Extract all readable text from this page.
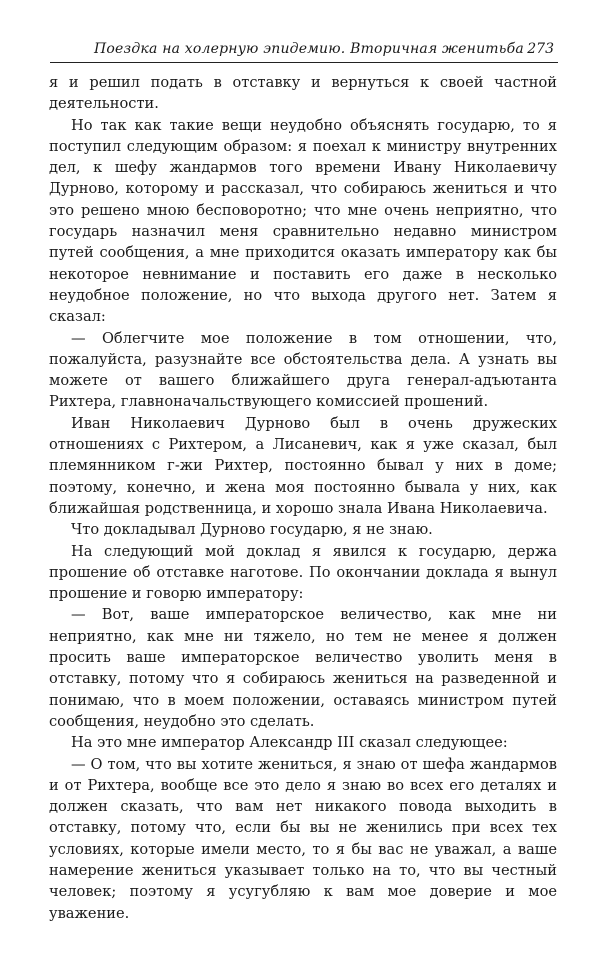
Поездка на холерную эпидемию. Вторичная женитьба 273

я и решил подать в отставку и вернуться к своей частной деятельности.

Но так как такие вещи неудобно объяснять государю, то я поступил следующим образом: я поехал к министру внутренних дел, к шефу жандармов того времени Ивану Николаевичу Дурново, которому и рассказал, что собираюсь жениться и что это решено мною бесповоротно; что мне очень неприятно, что государь назначил меня сравнительно недавно министром путей сообщения, а мне приходится оказать императору как бы некоторое невнимание и поставить его даже в несколько неудобное положение, но что выхода другого нет. Затем я сказал:

— Облегчите мое положение в том отношении, что, пожалуйста, разузнайте все обстоятельства дела. А узнать вы можете от вашего ближайшего друга генерал-адъютанта Рихтера, главноначальствующего комиссией прошений.

Иван Николаевич Дурново был в очень дружеских отношениях с Рихтером, а Лисаневич, как я уже сказал, был племянником г-жи Рихтер, постоянно бывал у них в доме; поэтому, конечно, и жена моя постоянно бывала у них, как ближайшая родственница, и хорошо знала Ивана Николаевича.

Что докладывал Дурново государю, я не знаю.

На следующий мой доклад я явился к государю, держа прошение об отставке наготове. По окончании доклада я вынул прошение и говорю императору:

— Вот, ваше императорское величество, как мне ни неприятно, как мне ни тяжело, но тем не менее я должен просить ваше императорское величество уволить меня в отставку, потому что я собираюсь жениться на разведенной и понимаю, что в моем положении, оставаясь министром путей сообщения, неудобно это сделать.

На это мне император Александр III сказал следующее:

— О том, что вы хотите жениться, я знаю от шефа жандармов и от Рихтера, вообще все это дело я знаю во всех его деталях и должен сказать, что вам нет никакого повода выходить в отставку, потому что, если бы вы не женились при всех тех условиях, которые имели место, то я бы вас не уважал, а ваше намерение жениться указывает только на то, что вы честный человек; поэтому я усугубляю к вам мое доверие и мое уважение.
